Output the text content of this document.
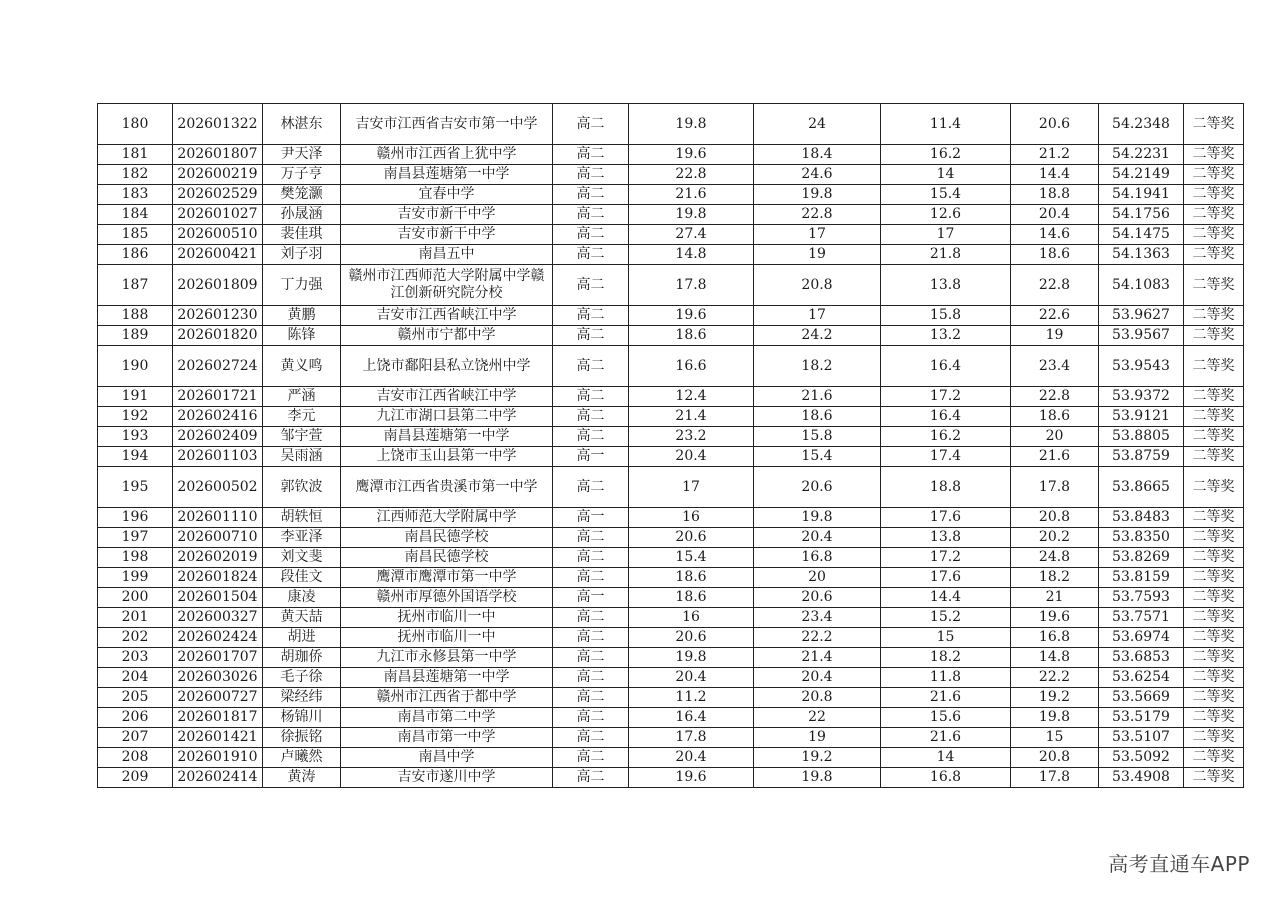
180	202601322	林湛东	吉安市江西省吉安市第一中学	高二	19.8	24	11.4	20.6	54.2348	二等奖
181	202601807	尹天泽	赣州市江西省上犹中学	高二	19.6	18.4	16.2	21.2	54.2231	二等奖
182	202600219	万子亨	南昌县莲塘第一中学	高二	22.8	24.6	14	14.4	54.2149	二等奖
183	202602529	樊笼灏	宜春中学	高二	21.6	19.8	15.4	18.8	54.1941	二等奖
184	202601027	孙晟涵	吉安市新干中学	高二	19.8	22.8	12.6	20.4	54.1756	二等奖
185	202600510	裴佳琪	吉安市新干中学	高二	27.4	17	17	14.6	54.1475	二等奖
186	202600421	刘子羽	南昌五中	高二	14.8	19	21.8	18.6	54.1363	二等奖
187	202601809	丁力强	赣州市江西师范大学附属中学赣江创新研究院分校	高二	17.8	20.8	13.8	22.8	54.1083	二等奖
188	202601230	黄鹏	吉安市江西省峡江中学	高二	19.6	17	15.8	22.6	53.9627	二等奖
189	202601820	陈锋	赣州市宁都中学	高二	18.6	24.2	13.2	19	53.9567	二等奖
190	202602724	黄义鸣	上饶市鄱阳县私立饶州中学	高二	16.6	18.2	16.4	23.4	53.9543	二等奖
191	202601721	严涵	吉安市江西省峡江中学	高二	12.4	21.6	17.2	22.8	53.9372	二等奖
192	202602416	李元	九江市湖口县第二中学	高二	21.4	18.6	16.4	18.6	53.9121	二等奖
193	202602409	邹宇萱	南昌县莲塘第一中学	高二	23.2	15.8	16.2	20	53.8805	二等奖
194	202601103	吴雨涵	上饶市玉山县第一中学	高一	20.4	15.4	17.4	21.6	53.8759	二等奖
195	202600502	郭钦波	鹰潭市江西省贵溪市第一中学	高二	17	20.6	18.8	17.8	53.8665	二等奖
196	202601110	胡轶恒	江西师范大学附属中学	高一	16	19.8	17.6	20.8	53.8483	二等奖
197	202600710	李亚泽	南昌民德学校	高二	20.6	20.4	13.8	20.2	53.8350	二等奖
198	202602019	刘文斐	南昌民德学校	高二	15.4	16.8	17.2	24.8	53.8269	二等奖
199	202601824	段佳文	鹰潭市鹰潭市第一中学	高二	18.6	20	17.6	18.2	53.8159	二等奖
200	202601504	康凌	赣州市厚德外国语学校	高一	18.6	20.6	14.4	21	53.7593	二等奖
201	202600327	黄天喆	抚州市临川一中	高二	16	23.4	15.2	19.6	53.7571	二等奖
202	202602424	胡进	抚州市临川一中	高二	20.6	22.2	15	16.8	53.6974	二等奖
203	202601707	胡珈侨	九江市永修县第一中学	高二	19.8	21.4	18.2	14.8	53.6853	二等奖
204	202603026	毛子徐	南昌县莲塘第一中学	高二	20.4	20.4	11.8	22.2	53.6254	二等奖
205	202600727	梁经纬	赣州市江西省于都中学	高二	11.2	20.8	21.6	19.2	53.5669	二等奖
206	202601817	杨锦川	南昌市第二中学	高二	16.4	22	15.6	19.8	53.5179	二等奖
207	202601421	徐振铭	南昌市第一中学	高二	17.8	19	21.6	15	53.5107	二等奖
208	202601910	卢曦然	南昌中学	高二	20.4	19.2	14	20.8	53.5092	二等奖
209	202602414	黄涛	吉安市遂川中学	高二	19.6	19.8	16.8	17.8	53.4908	二等奖
高考直通车APP
